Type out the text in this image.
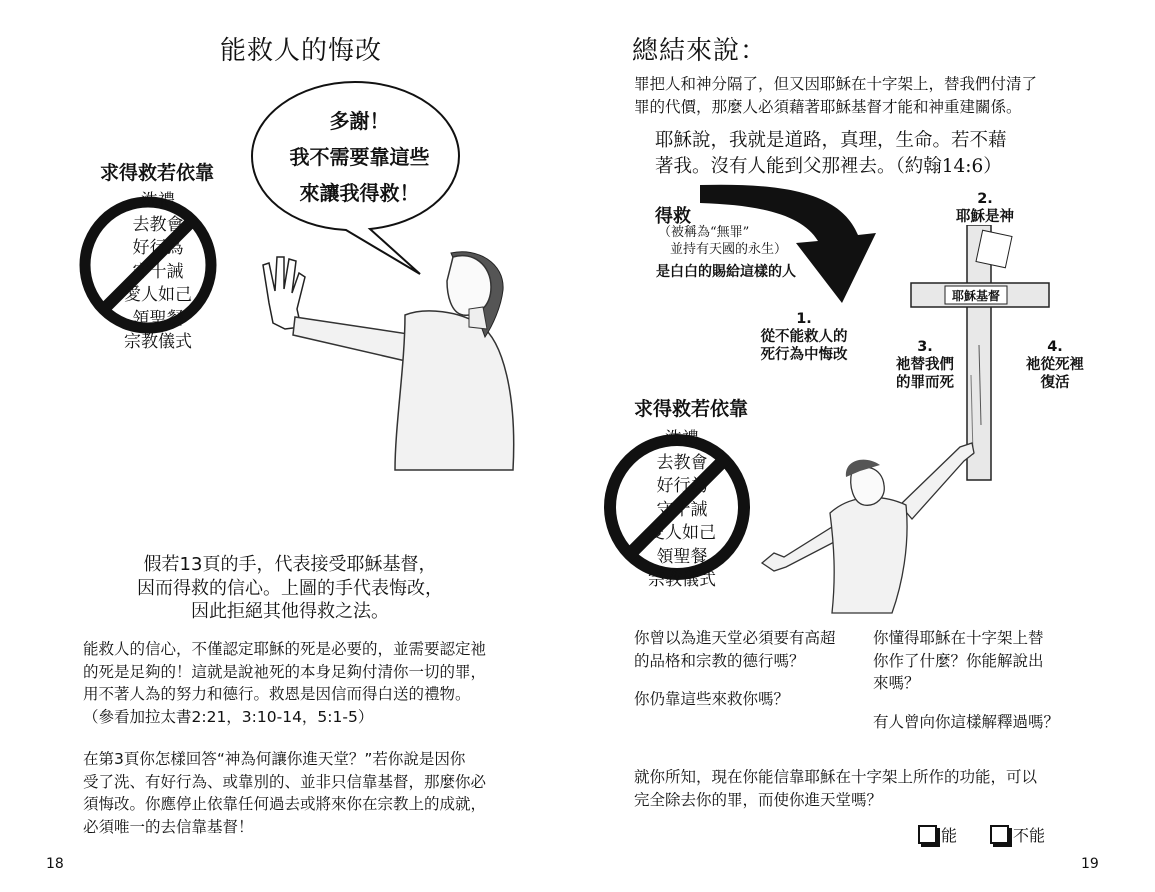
能救人的悔改
多謝！
我不需要靠這些
來讓我得救！
求得救若依靠
洗禮
去教會
好行為
守十誡
愛人如己
領聖餐
宗教儀式
假若13頁的手，代表接受耶穌基督，
因而得救的信心。上圖的手代表悔改，
因此拒絕其他得救之法。
能救人的信心，不僅認定耶穌的死是必要的，並需要認定祂
的死是足夠的！這就是說祂死的本身足夠付清你一切的罪，
用不著人為的努力和德行。救恩是因信而得白送的禮物。
（參看加拉太書2:21，3:10-14，5:1-5）
在第3頁你怎樣回答“神為何讓你進天堂？”若你說是因你
受了洗、有好行為、或靠別的、並非只信靠基督，那麼你必
須悔改。你應停止依靠任何過去或將來你在宗教上的成就，
必須唯一的去信靠基督！
18
總結來說：
罪把人和神分隔了，但又因耶穌在十字架上，替我們付清了
罪的代價，那麼人必須藉著耶穌基督才能和神重建關係。
耶穌說，我就是道路，真理，生命。若不藉
著我。沒有人能到父那裡去。（約翰14:6）
得救
（被稱為“無罪”
並持有天國的永生）
是白白的賜給這樣的人
耶穌基督
2.
耶穌是神
1.
從不能救人的
死行為中悔改	3.
祂替我們
的罪而死
4.
祂從死裡
復活
求得救若依靠
洗禮
去教會
好行為
守十誡
愛人如己
領聖餐
宗教儀式
你曾以為進天堂必須要有高超
的品格和宗教的德行嗎？
你仍靠這些來救你嗎？
你懂得耶穌在十字架上替
你作了什麼？你能解說出
來嗎？
有人曾向你這樣解釋過嗎？
就你所知，現在你能信靠耶穌在十字架上所作的功能，可以
完全除去你的罪，而使你進天堂嗎？
能	不能
19
